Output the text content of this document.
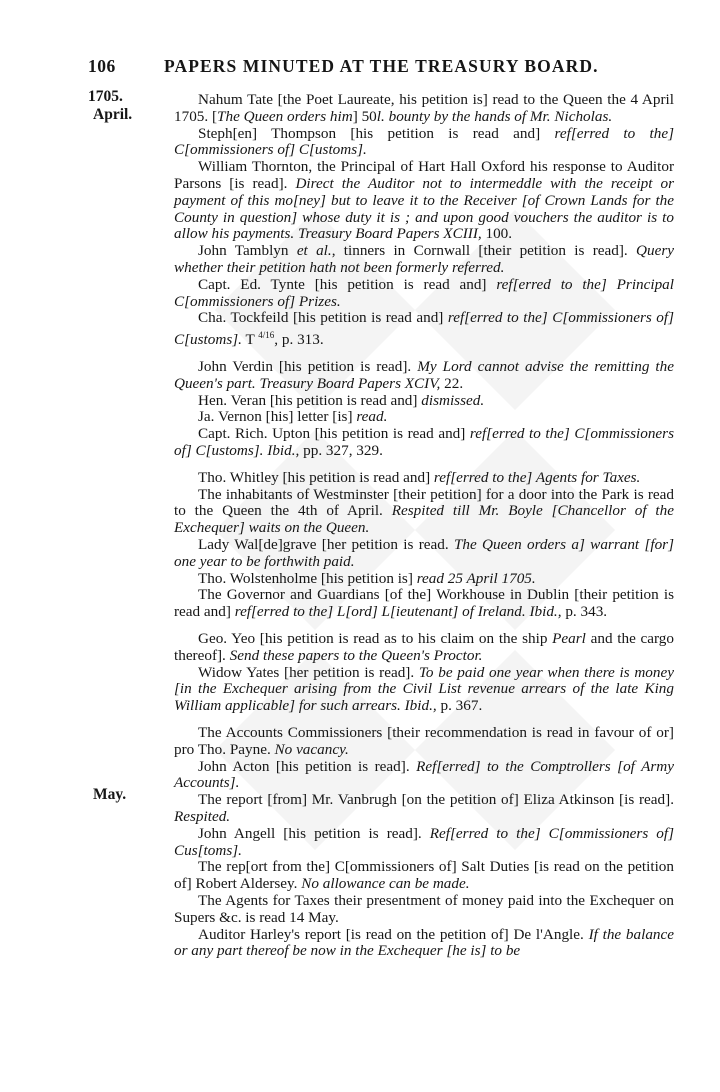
106	PAPERS MINUTED AT THE TREASURY BOARD.
1705.
April.
May.

Nahum Tate [the Poet Laureate, his petition is] read to the Queen the 4 April 1705. [The Queen orders him] 50l. bounty by the hands of Mr. Nicholas.

Steph[en] Thompson [his petition is read and] ref[erred to the] C[ommissioners of] C[ustoms].

William Thornton, the Principal of Hart Hall Oxford his response to Auditor Parsons [is read]. Direct the Auditor not to intermeddle with the receipt or payment of this mo[ney] but to leave it to the Receiver [of Crown Lands for the County in question] whose duty it is ; and upon good vouchers the auditor is to allow his payments. Treasury Board Papers XCIII, 100.

John Tamblyn et al., tinners in Cornwall [their petition is read]. Query whether their petition hath not been formerly referred.

Capt. Ed. Tynte [his petition is read and] ref[erred to the] Principal C[ommissioners of] Prizes.

Cha. Tockfeild [his petition is read and] ref[erred to the] C[ommissioners of] C[ustoms]. T $^{4/16}$, p. 313.

John Verdin [his petition is read]. My Lord cannot advise the remitting the Queen's part. Treasury Board Papers XCIV, 22.

Hen. Veran [his petition is read and] dismissed.

Ja. Vernon [his] letter [is] read.

Capt. Rich. Upton [his petition is read and] ref[erred to the] C[ommissioners of] C[ustoms]. Ibid., pp. 327, 329.

Tho. Whitley [his petition is read and] ref[erred to the] Agents for Taxes.

The inhabitants of Westminster [their petition] for a door into the Park is read to the Queen the 4th of April. Respited till Mr. Boyle [Chancellor of the Exchequer] waits on the Queen.

Lady Wal[de]grave [her petition is read. The Queen orders a] warrant [for] one year to be forthwith paid.

Tho. Wolstenholme [his petition is] read 25 April 1705.

The Governor and Guardians [of the] Workhouse in Dublin [their petition is read and] ref[erred to the] L[ord] L[ieutenant] of Ireland. Ibid., p. 343.

Geo. Yeo [his petition is read as to his claim on the ship Pearl and the cargo thereof]. Send these papers to the Queen's Proctor.

Widow Yates [her petition is read]. To be paid one year when there is money [in the Exchequer arising from the Civil List revenue arrears of the late King William applicable] for such arrears. Ibid., p. 367.

The Accounts Commissioners [their recommendation is read in favour of or] pro Tho. Payne. No vacancy.

John Acton [his petition is read]. Ref[erred] to the Comptrollers [of Army Accounts].

The report [from] Mr. Vanbrugh [on the petition of] Eliza Atkinson [is read]. Respited.

John Angell [his petition is read]. Ref[erred to the] C[ommissioners of] Cus[toms].

The rep[ort from the] C[ommissioners of] Salt Duties [is read on the petition of] Robert Aldersey. No allowance can be made.

The Agents for Taxes their presentment of money paid into the Exchequer on Supers &c. is read 14 May.

Auditor Harley's report [is read on the petition of] De l'Angle. If the balance or any part thereof be now in the Exchequer [he is] to be
